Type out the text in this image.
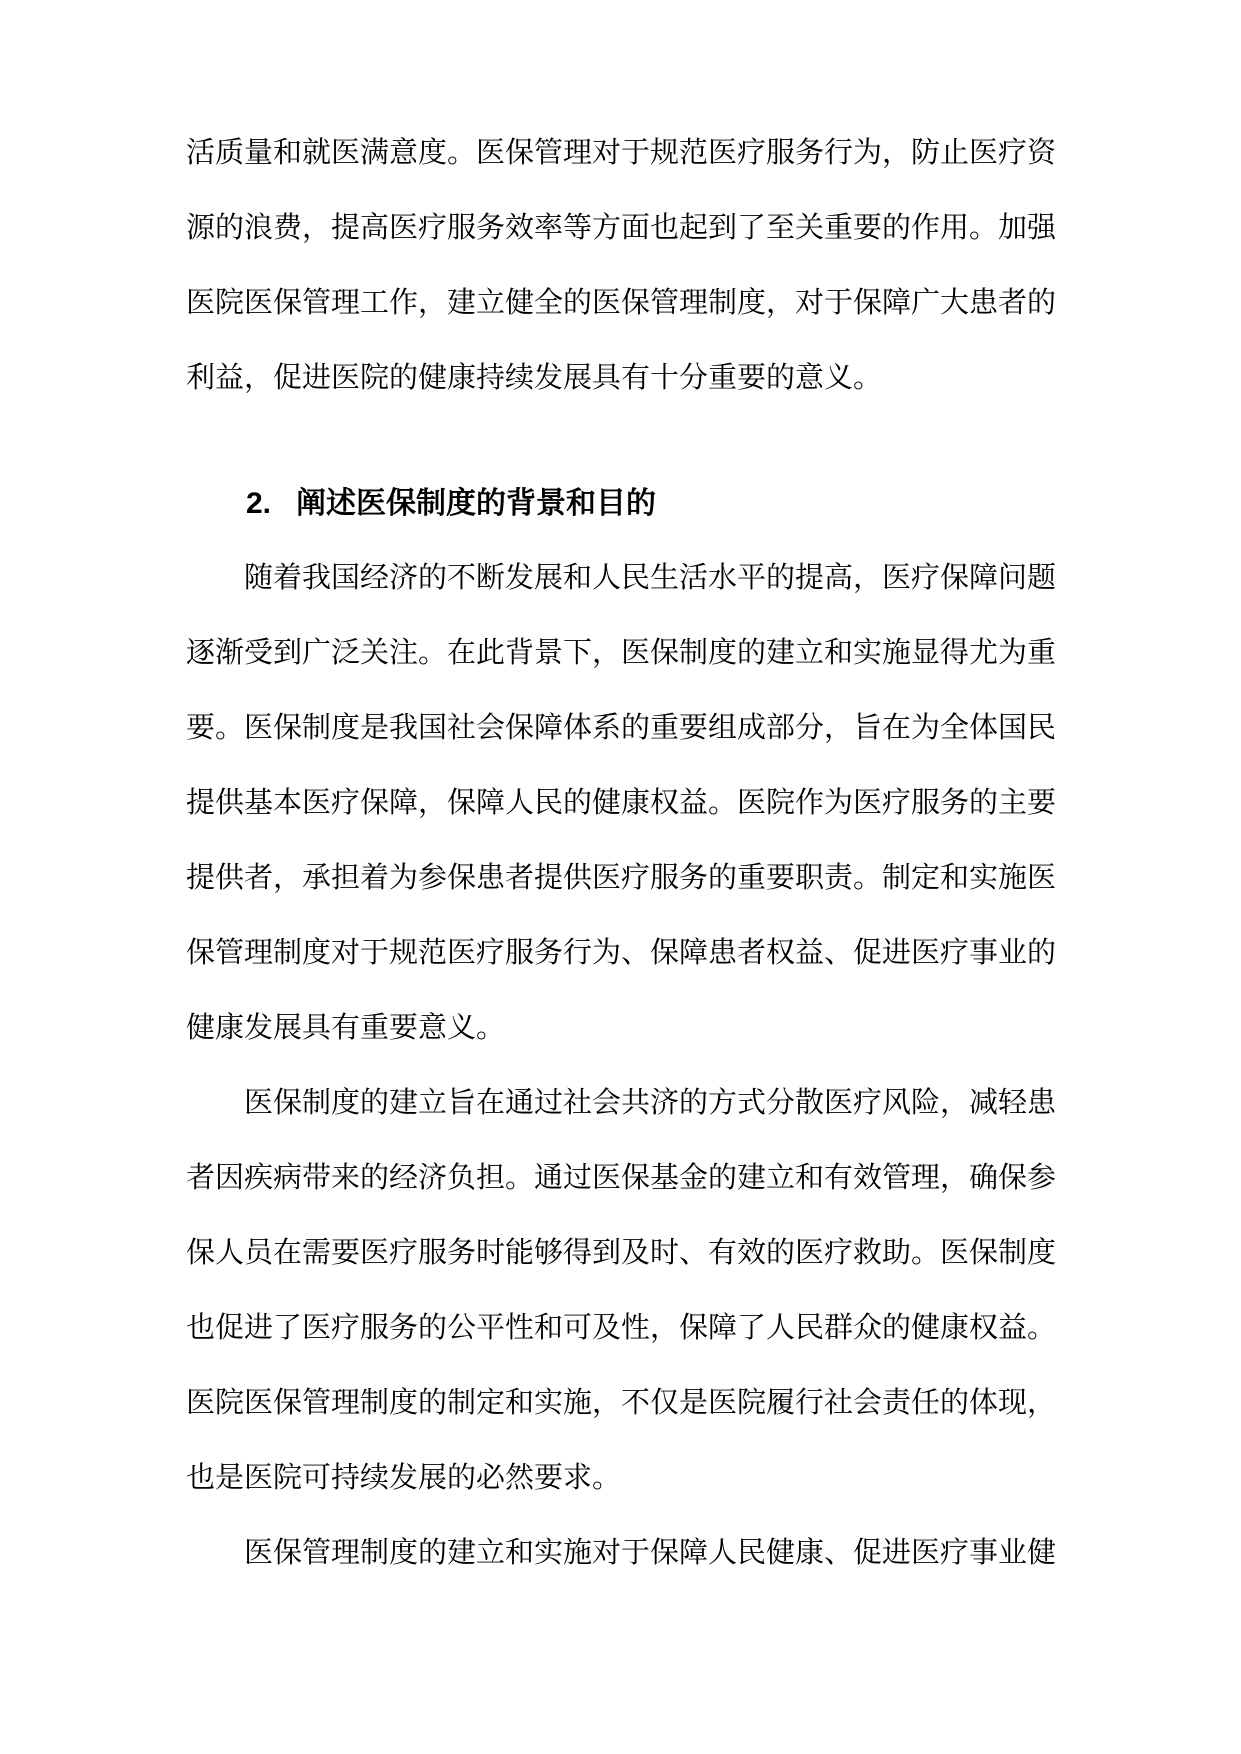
活质量和就医满意度。医保管理对于规范医疗服务行为，防止医疗资源的浪费，提高医疗服务效率等方面也起到了至关重要的作用。加强医院医保管理工作，建立健全的医保管理制度，对于保障广大患者的利益，促进医院的健康持续发展具有十分重要的意义。

2. 阐述医保制度的背景和目的

随着我国经济的不断发展和人民生活水平的提高，医疗保障问题逐渐受到广泛关注。在此背景下，医保制度的建立和实施显得尤为重要。医保制度是我国社会保障体系的重要组成部分，旨在为全体国民提供基本医疗保障，保障人民的健康权益。医院作为医疗服务的主要提供者，承担着为参保患者提供医疗服务的重要职责。制定和实施医保管理制度对于规范医疗服务行为、保障患者权益、促进医疗事业的健康发展具有重要意义。

医保制度的建立旨在通过社会共济的方式分散医疗风险，减轻患者因疾病带来的经济负担。通过医保基金的建立和有效管理，确保参保人员在需要医疗服务时能够得到及时、有效的医疗救助。医保制度也促进了医疗服务的公平性和可及性，保障了人民群众的健康权益。医院医保管理制度的制定和实施，不仅是医院履行社会责任的体现，也是医院可持续发展的必然要求。

医保管理制度的建立和实施对于保障人民健康、促进医疗事业健
